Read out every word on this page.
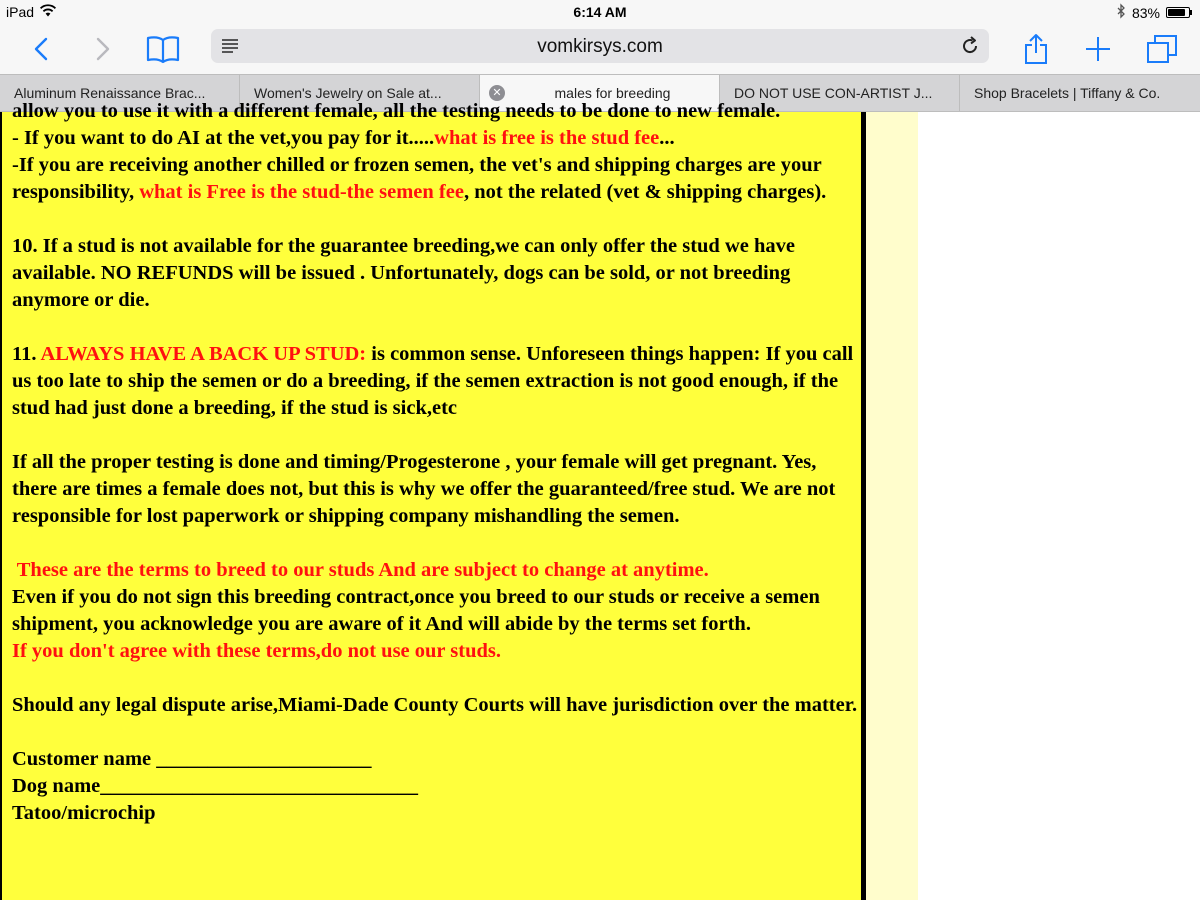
iPad	6:14 AM	83%
vomkirsys.com
Aluminum Renaissance Brac...	Women's Jewelry on Sale at...	✕	males for breeding	DO NOT USE CON-ARTIST J...	Shop Bracelets | Tiffany & Co.

allow you to use it with a different female, all the testing needs to be done to new female.

- If you want to do AI at the vet,you pay for it.....what is free is the stud fee...

-If you are receiving another chilled or frozen semen, the vet's and shipping charges are your responsibility, what is Free is the stud-the semen fee, not the related (vet & shipping charges).

10. If a stud is not available for the guarantee breeding,we can only offer the stud we have available. NO REFUNDS will be issued . Unfortunately, dogs can be sold, or not breeding anymore or die.

11. ALWAYS HAVE A BACK UP STUD: is common sense. Unforeseen things happen: If you call us too late to ship the semen or do a breeding, if the semen extraction is not good enough, if the stud had just done a breeding, if the stud is sick,etc

If all the proper testing is done and timing/Progesterone , your female will get pregnant. Yes, there are times a female does not, but this is why we offer the guaranteed/free stud. We are not responsible for lost paperwork or shipping company mishandling the semen.

These are the terms to breed to our studs And are subject to change at anytime.

Even if you do not sign this breeding contract,once you breed to our studs or receive a semen shipment, you acknowledge you are aware of it And will abide by the terms set forth.

If you don't agree with these terms,do not use our studs.

Should any legal dispute arise,Miami-Dade County Courts will have jurisdiction over the matter.

Customer name _____________________

Dog name_______________________________

Tatoo/microchip
